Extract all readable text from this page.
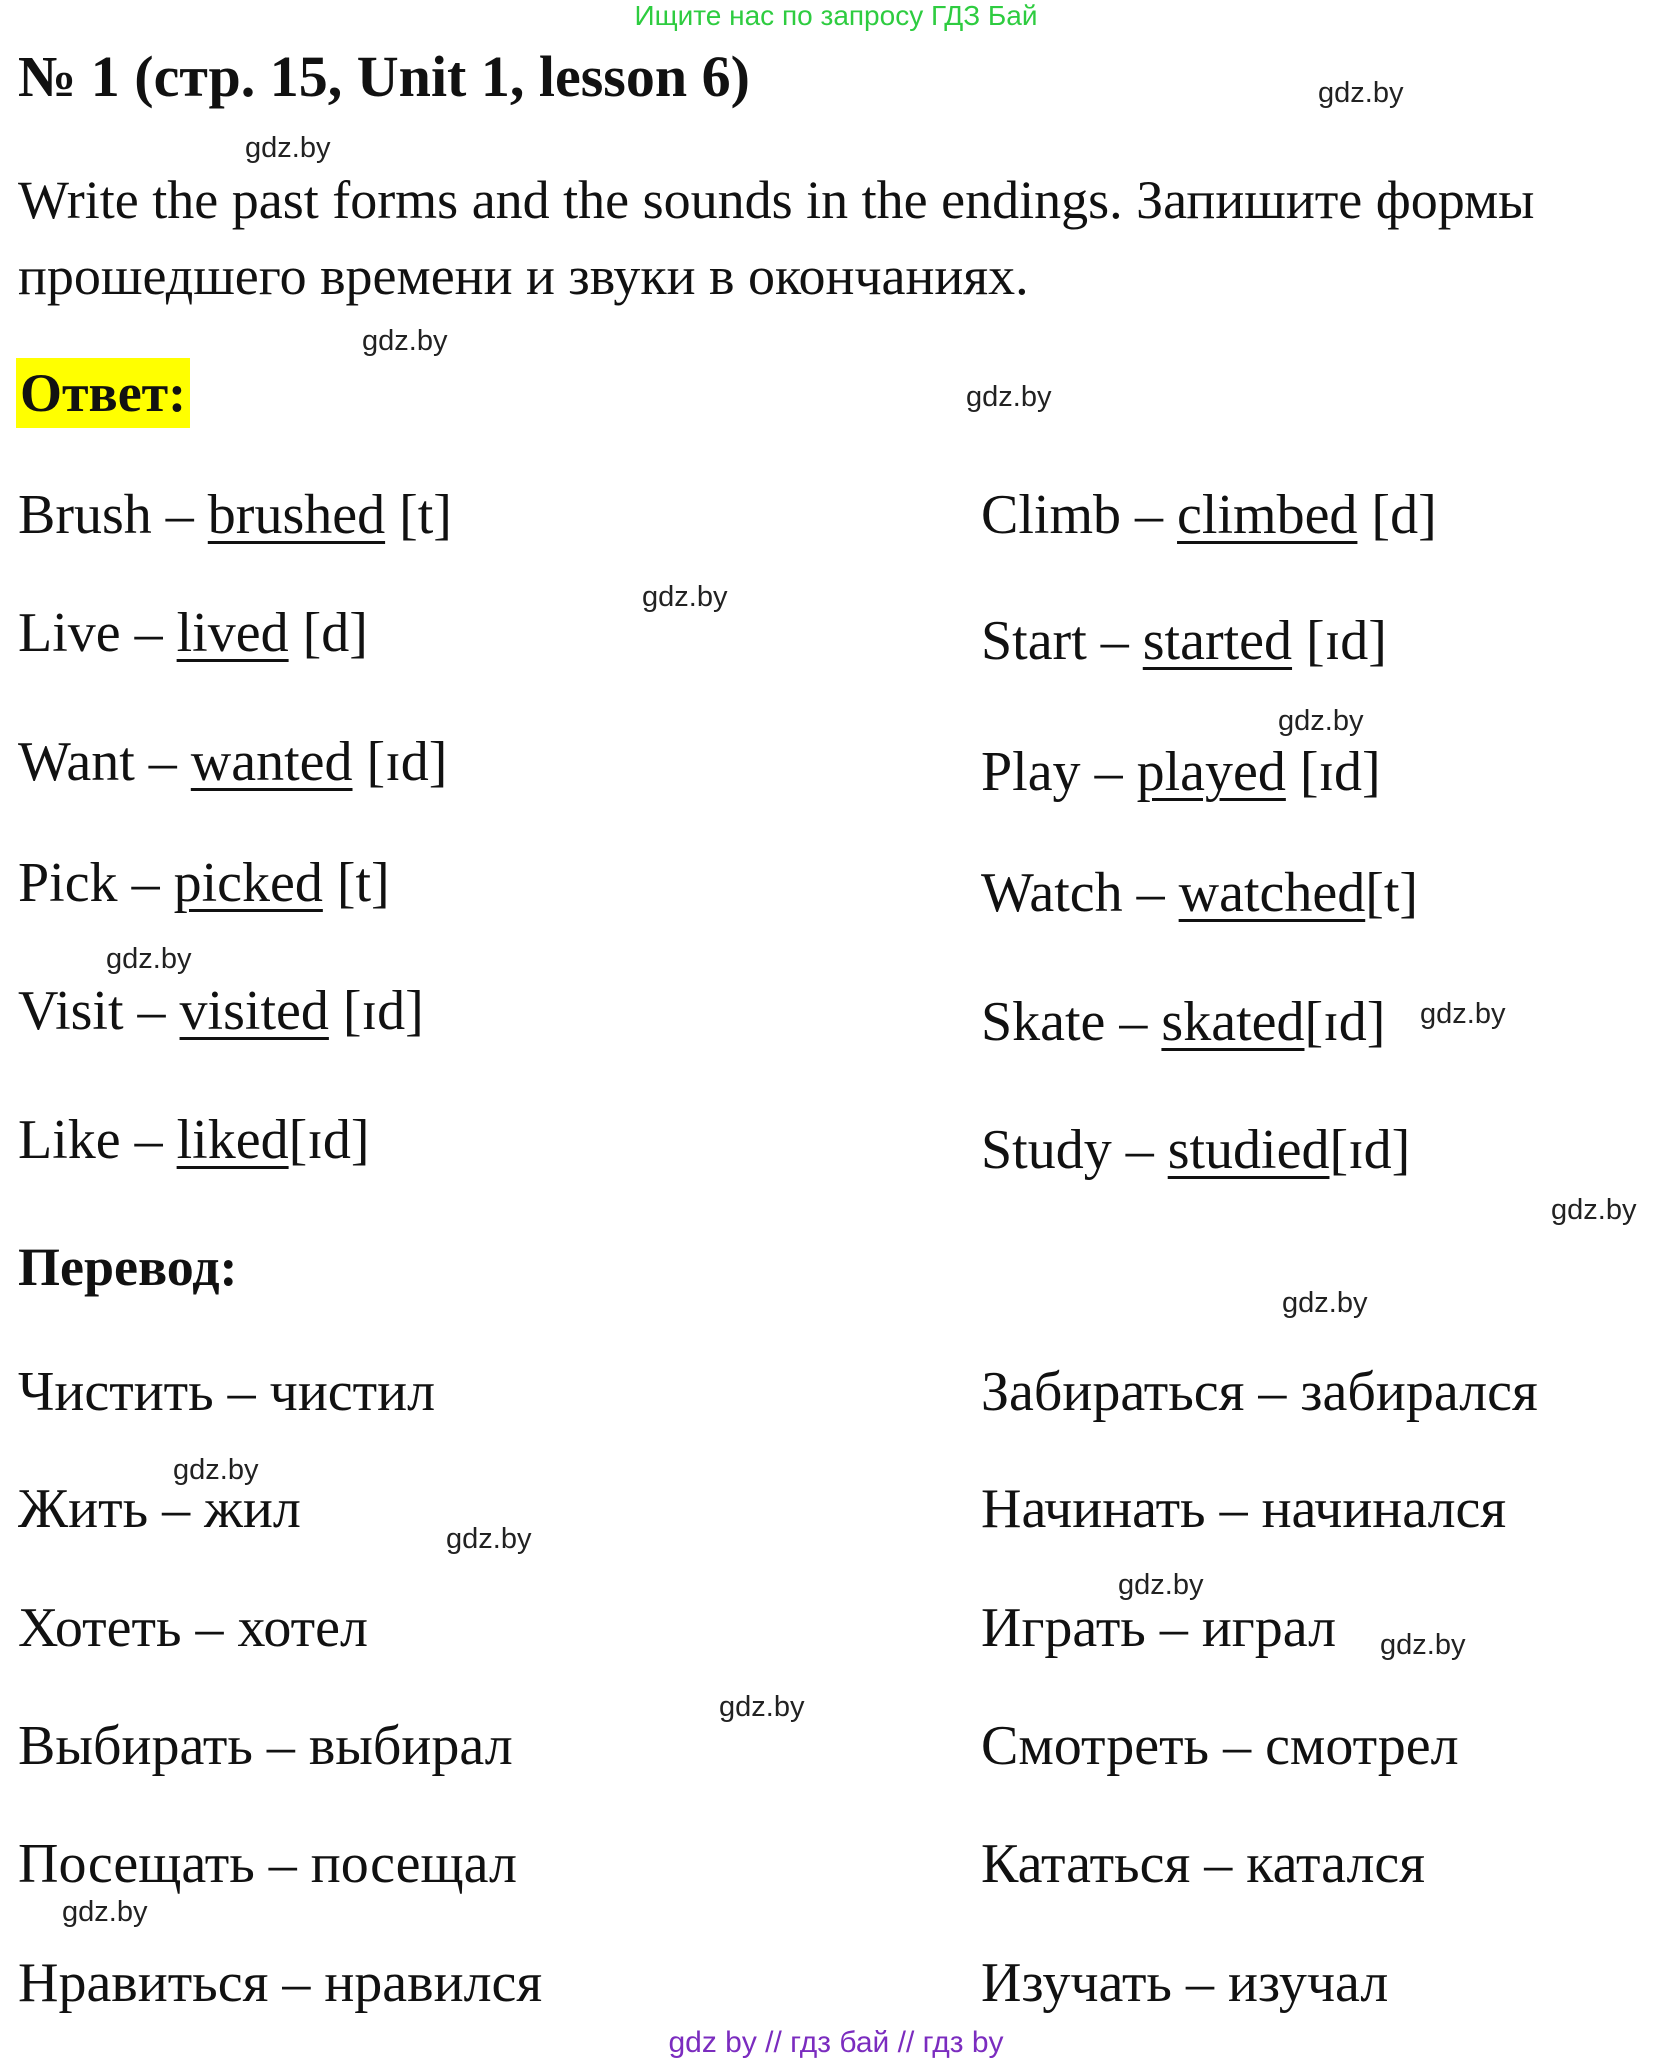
Ищите нас по запросу ГДЗ Бай
№ 1 (стр. 15, Unit 1, lesson 6)
Write the past forms and the sounds in the endings. Запишите формы прошедшего времени и звуки в окончаниях.
Ответ:
Brush – brushed [t]
Live – lived [d]
Want – wanted [ɪd]
Pick – picked [t]
Visit – visited [ɪd]
Like – liked[ɪd]
Climb – climbed [d]
Start – started [ɪd]
Play – played [ɪd]
Watch – watched[t]
Skate – skated[ɪd]
Study – studied[ɪd]
Перевод:
Чистить – чистил
Жить – жил
Хотеть – хотел
Выбирать – выбирал
Посещать – посещал
Нравиться – нравился
Забираться – забирался
Начинать – начинался
Играть – играл
Смотреть – смотрел
Кататься – катался
Изучать – изучал
gdz.by
gdz.by
gdz.by
gdz.by
gdz.by
gdz.by
gdz.by
gdz.by
gdz.by
gdz.by
gdz.by
gdz.by
gdz.by
gdz.by
gdz.by
gdz.by
gdz by // гдз бай // гдз by
